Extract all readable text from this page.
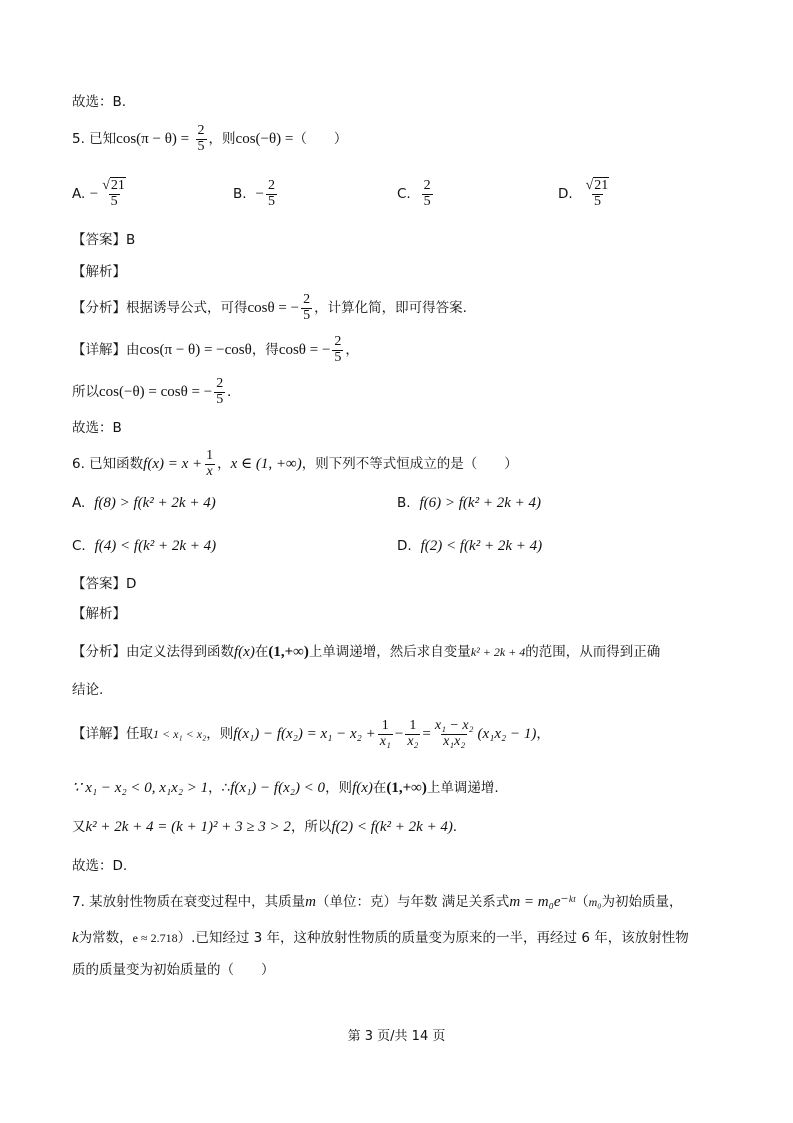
故选：B.
5. 已知$\cos(\pi - \theta) = \frac{2}{5}$ ，则cos(−θ) =（　　）
A. − $\frac{√21}{5}$	B. − $\frac{2}{5}$	C. $\frac{2}{5}$	D. $\frac{√21}{5}$
【答案】B
【解析】
【分析】根据诱导公式，可得cosθ = − $\frac{2}{5}$ ，计算化简，即可得答案.
【详解】由cos(π − θ) = −cosθ，得cosθ = − $\frac{2}{5}$ ，
所以cos(−θ) = cosθ = − $\frac{2}{5}$ .
故选：B
6. 已知函数$f(x) = x + \frac{1}{x}$ ，x ∈ (1, +∞)，则下列不等式恒成立的是（　　）
A. f(8) > f(k² + 2k + 4)	B. f(6) > f(k² + 2k + 4)
C. f(4) < f(k² + 2k + 4)	D. f(2) < f(k² + 2k + 4)
【答案】D
【解析】
【分析】由定义法得到函数f(x)在(1,+∞)上单调递增，然后求自变量k² + 2k + 4的范围，从而得到正确
结论.
【详解】任取1 < x₁ < x₂，则$f(x_1) - f(x_2) = x_1 - x_2 + \frac{1}{\text{x₁}} - \frac{1}{\text{x₂}} = \frac{\text{x₁ − x₂}}{\text{x₁x₂}} (x_1x_2 - 1)$，
∵ x₁ − x₂ < 0, x₁x₂ > 1，∴f(x₁) − f(x₂) < 0，则f(x)在(1,+∞)上单调递增.
又k² + 2k + 4 = (k + 1)² + 3 ≥ 3 > 2，所以f(2) < f(k² + 2k + 4).
故选：D.
7. 某放射性物质在衰变过程中，其质量m（单位：克）与年数 满足关系式m = m₀e⁻ᵏᵗ（m₀为初始质量，
k为常数，e ≈ 2.718）.已知经过 3 年，这种放射性物质的质量变为原来的一半，再经过 6 年，该放射性物
质的质量变为初始质量的（　　）
第 3 页/共 14 页
